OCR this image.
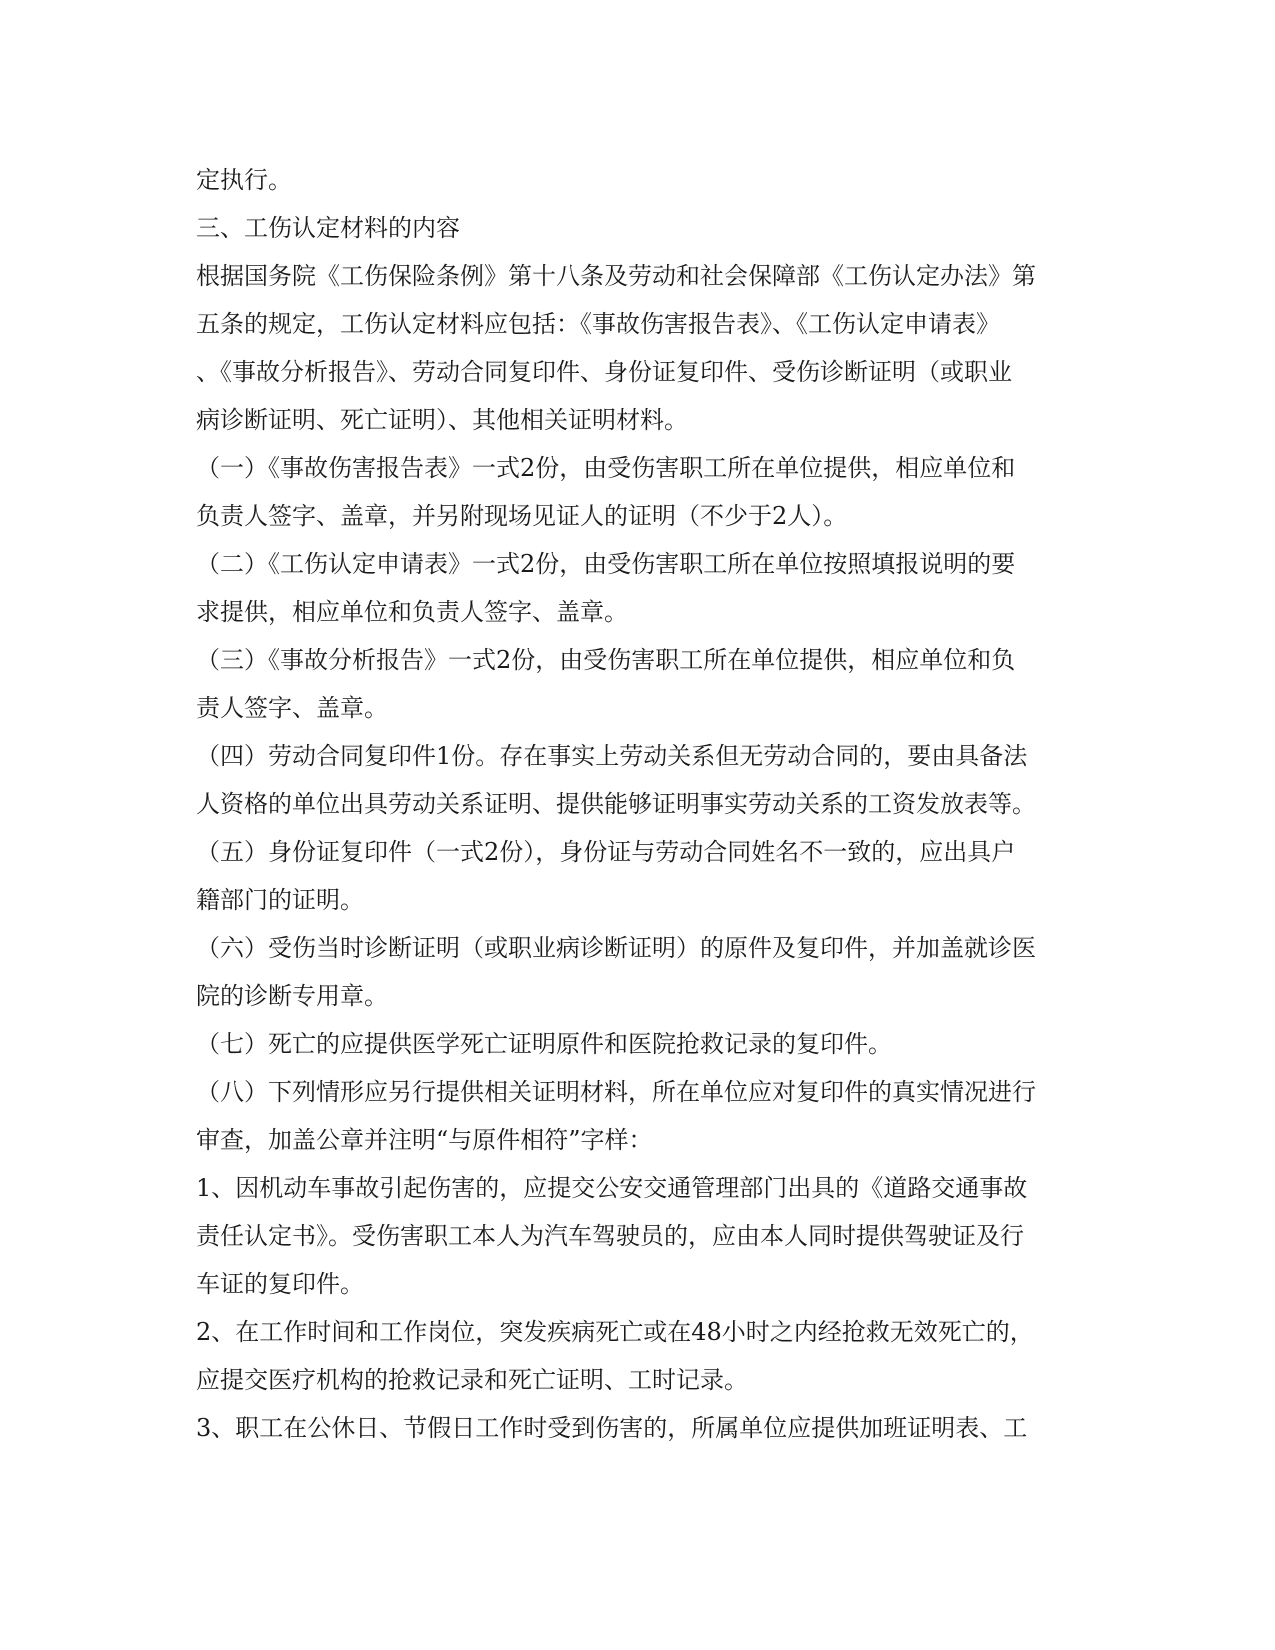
定执行。
三、工伤认定材料的内容
根据国务院《工伤保险条例》第十八条及劳动和社会保障部《工伤认定办法》第
五条的规定，工伤认定材料应包括：《事故伤害报告表》、《工伤认定申请表》
、《事故分析报告》、劳动合同复印件、身份证复印件、受伤诊断证明（或职业
病诊断证明、死亡证明）、其他相关证明材料。
（一）《事故伤害报告表》一式2份，由受伤害职工所在单位提供，相应单位和
负责人签字、盖章，并另附现场见证人的证明（不少于2人）。
（二）《工伤认定申请表》一式2份，由受伤害职工所在单位按照填报说明的要
求提供，相应单位和负责人签字、盖章。
（三）《事故分析报告》一式2份，由受伤害职工所在单位提供，相应单位和负
责人签字、盖章。
（四）劳动合同复印件1份。存在事实上劳动关系但无劳动合同的，要由具备法
人资格的单位出具劳动关系证明、提供能够证明事实劳动关系的工资发放表等。
（五）身份证复印件（一式2份），身份证与劳动合同姓名不一致的，应出具户
籍部门的证明。
（六）受伤当时诊断证明（或职业病诊断证明）的原件及复印件，并加盖就诊医
院的诊断专用章。
（七）死亡的应提供医学死亡证明原件和医院抢救记录的复印件。
（八）下列情形应另行提供相关证明材料，所在单位应对复印件的真实情况进行
审查，加盖公章并注明“与原件相符”字样：
1、因机动车事故引起伤害的，应提交公安交通管理部门出具的《道路交通事故
责任认定书》。受伤害职工本人为汽车驾驶员的，应由本人同时提供驾驶证及行
车证的复印件。
2、在工作时间和工作岗位，突发疾病死亡或在48小时之内经抢救无效死亡的，
应提交医疗机构的抢救记录和死亡证明、工时记录。
3、职工在公休日、节假日工作时受到伤害的，所属单位应提供加班证明表、工
